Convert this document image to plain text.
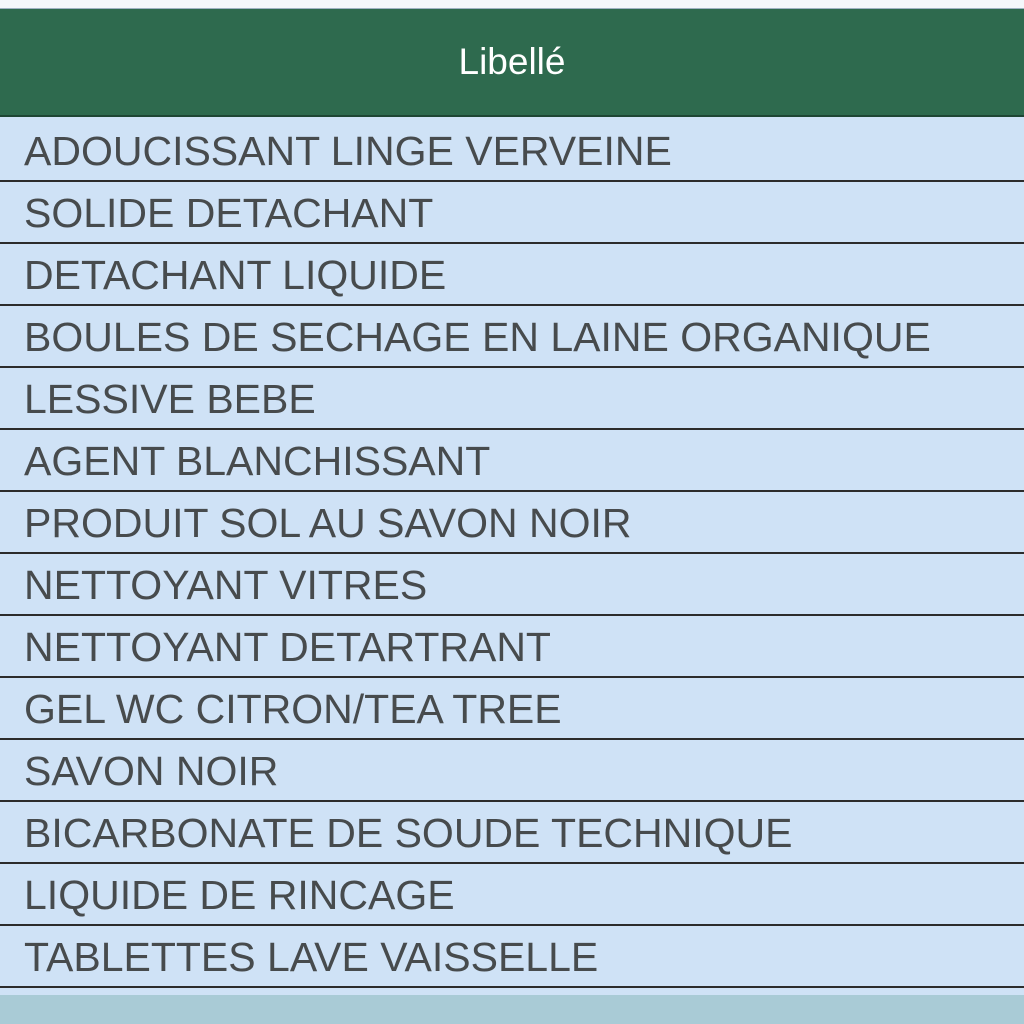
Libellé
ADOUCISSANT LINGE VERVEINE
SOLIDE DETACHANT
DETACHANT LIQUIDE
BOULES DE SECHAGE EN LAINE ORGANIQUE
LESSIVE BEBE
AGENT BLANCHISSANT
PRODUIT SOL AU SAVON NOIR
NETTOYANT VITRES
NETTOYANT DETARTRANT
GEL WC CITRON/TEA TREE
SAVON NOIR
BICARBONATE DE SOUDE TECHNIQUE
LIQUIDE DE RINCAGE
TABLETTES LAVE VAISSELLE
